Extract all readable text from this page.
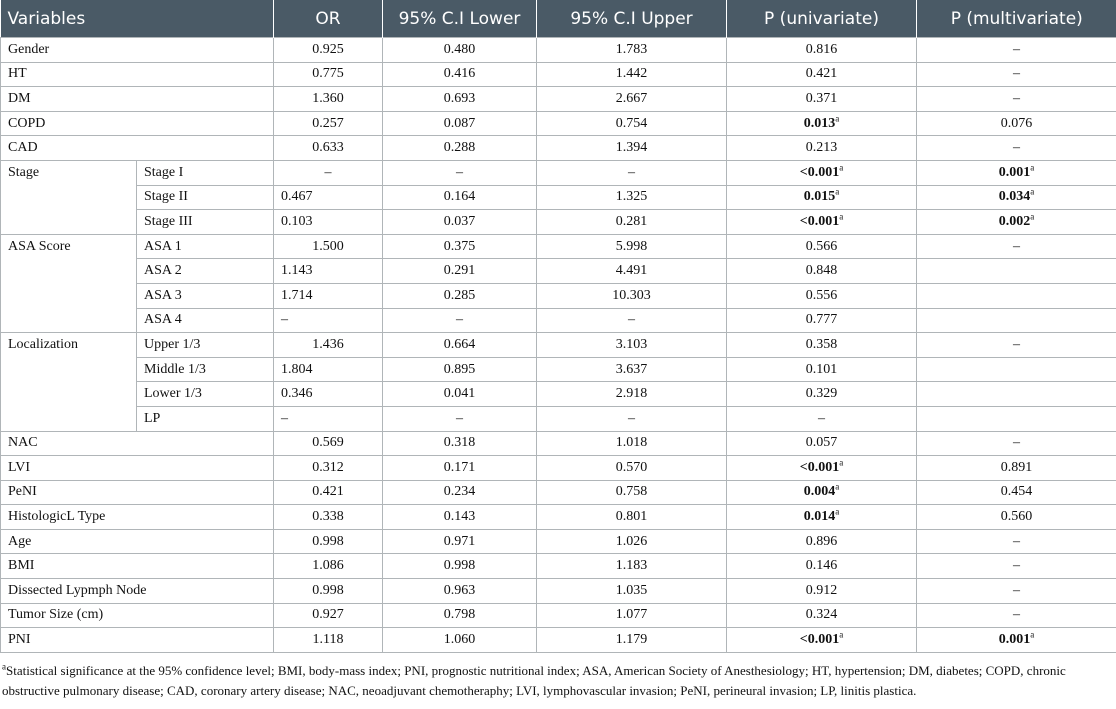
Variables		OR	95% C.I Lower	95% C.I Upper	P (univariate)	P (multivariate)
Gender		0.925	0.480	1.783	0.816	–
HT		0.775	0.416	1.442	0.421	–
DM		1.360	0.693	2.667	0.371	–
COPD		0.257	0.087	0.754	0.013$^a$	0.076
CAD		0.633	0.288	1.394	0.213	–
Stage	Stage I	–	–	–	<0.001$^a$	0.001$^a$
	Stage II	0.467	0.164	1.325	0.015$^a$	0.034$^a$
	Stage III	0.103	0.037	0.281	<0.001$^a$	0.002$^a$
ASA Score	ASA 1	1.500	0.375	5.998	0.566	–
	ASA 2	1.143	0.291	4.491	0.848	
	ASA 3	1.714	0.285	10.303	0.556	
	ASA 4	–	–	–	0.777	
Localization	Upper 1/3	1.436	0.664	3.103	0.358	–
	Middle 1/3	1.804	0.895	3.637	0.101	
	Lower 1/3	0.346	0.041	2.918	0.329	
	LP	–	–	–	–	
NAC		0.569	0.318	1.018	0.057	–
LVI		0.312	0.171	0.570	<0.001$^a$	0.891
PeNI		0.421	0.234	0.758	0.004$^a$	0.454
HistologicL Type		0.338	0.143	0.801	0.014$^a$	0.560
Age		0.998	0.971	1.026	0.896	–
BMI		1.086	0.998	1.183	0.146	–
Dissected Lypmph Node		0.998	0.963	1.035	0.912	–
Tumor Size (cm)		0.927	0.798	1.077	0.324	–
PNI		1.118	1.060	1.179	<0.001$^a$	0.001$^a$
$^a$Statistical significance at the 95% confidence level; BMI, body-mass index; PNI, prognostic nutritional index; ASA, American Society of Anesthesiology; HT, hypertension; DM, diabetes; COPD, chronic obstructive pulmonary disease; CAD, coronary artery disease; NAC, neoadjuvant chemotheraphy; LVI, lymphovascular invasion; PeNI, perineural invasion; LP, linitis plastica.
